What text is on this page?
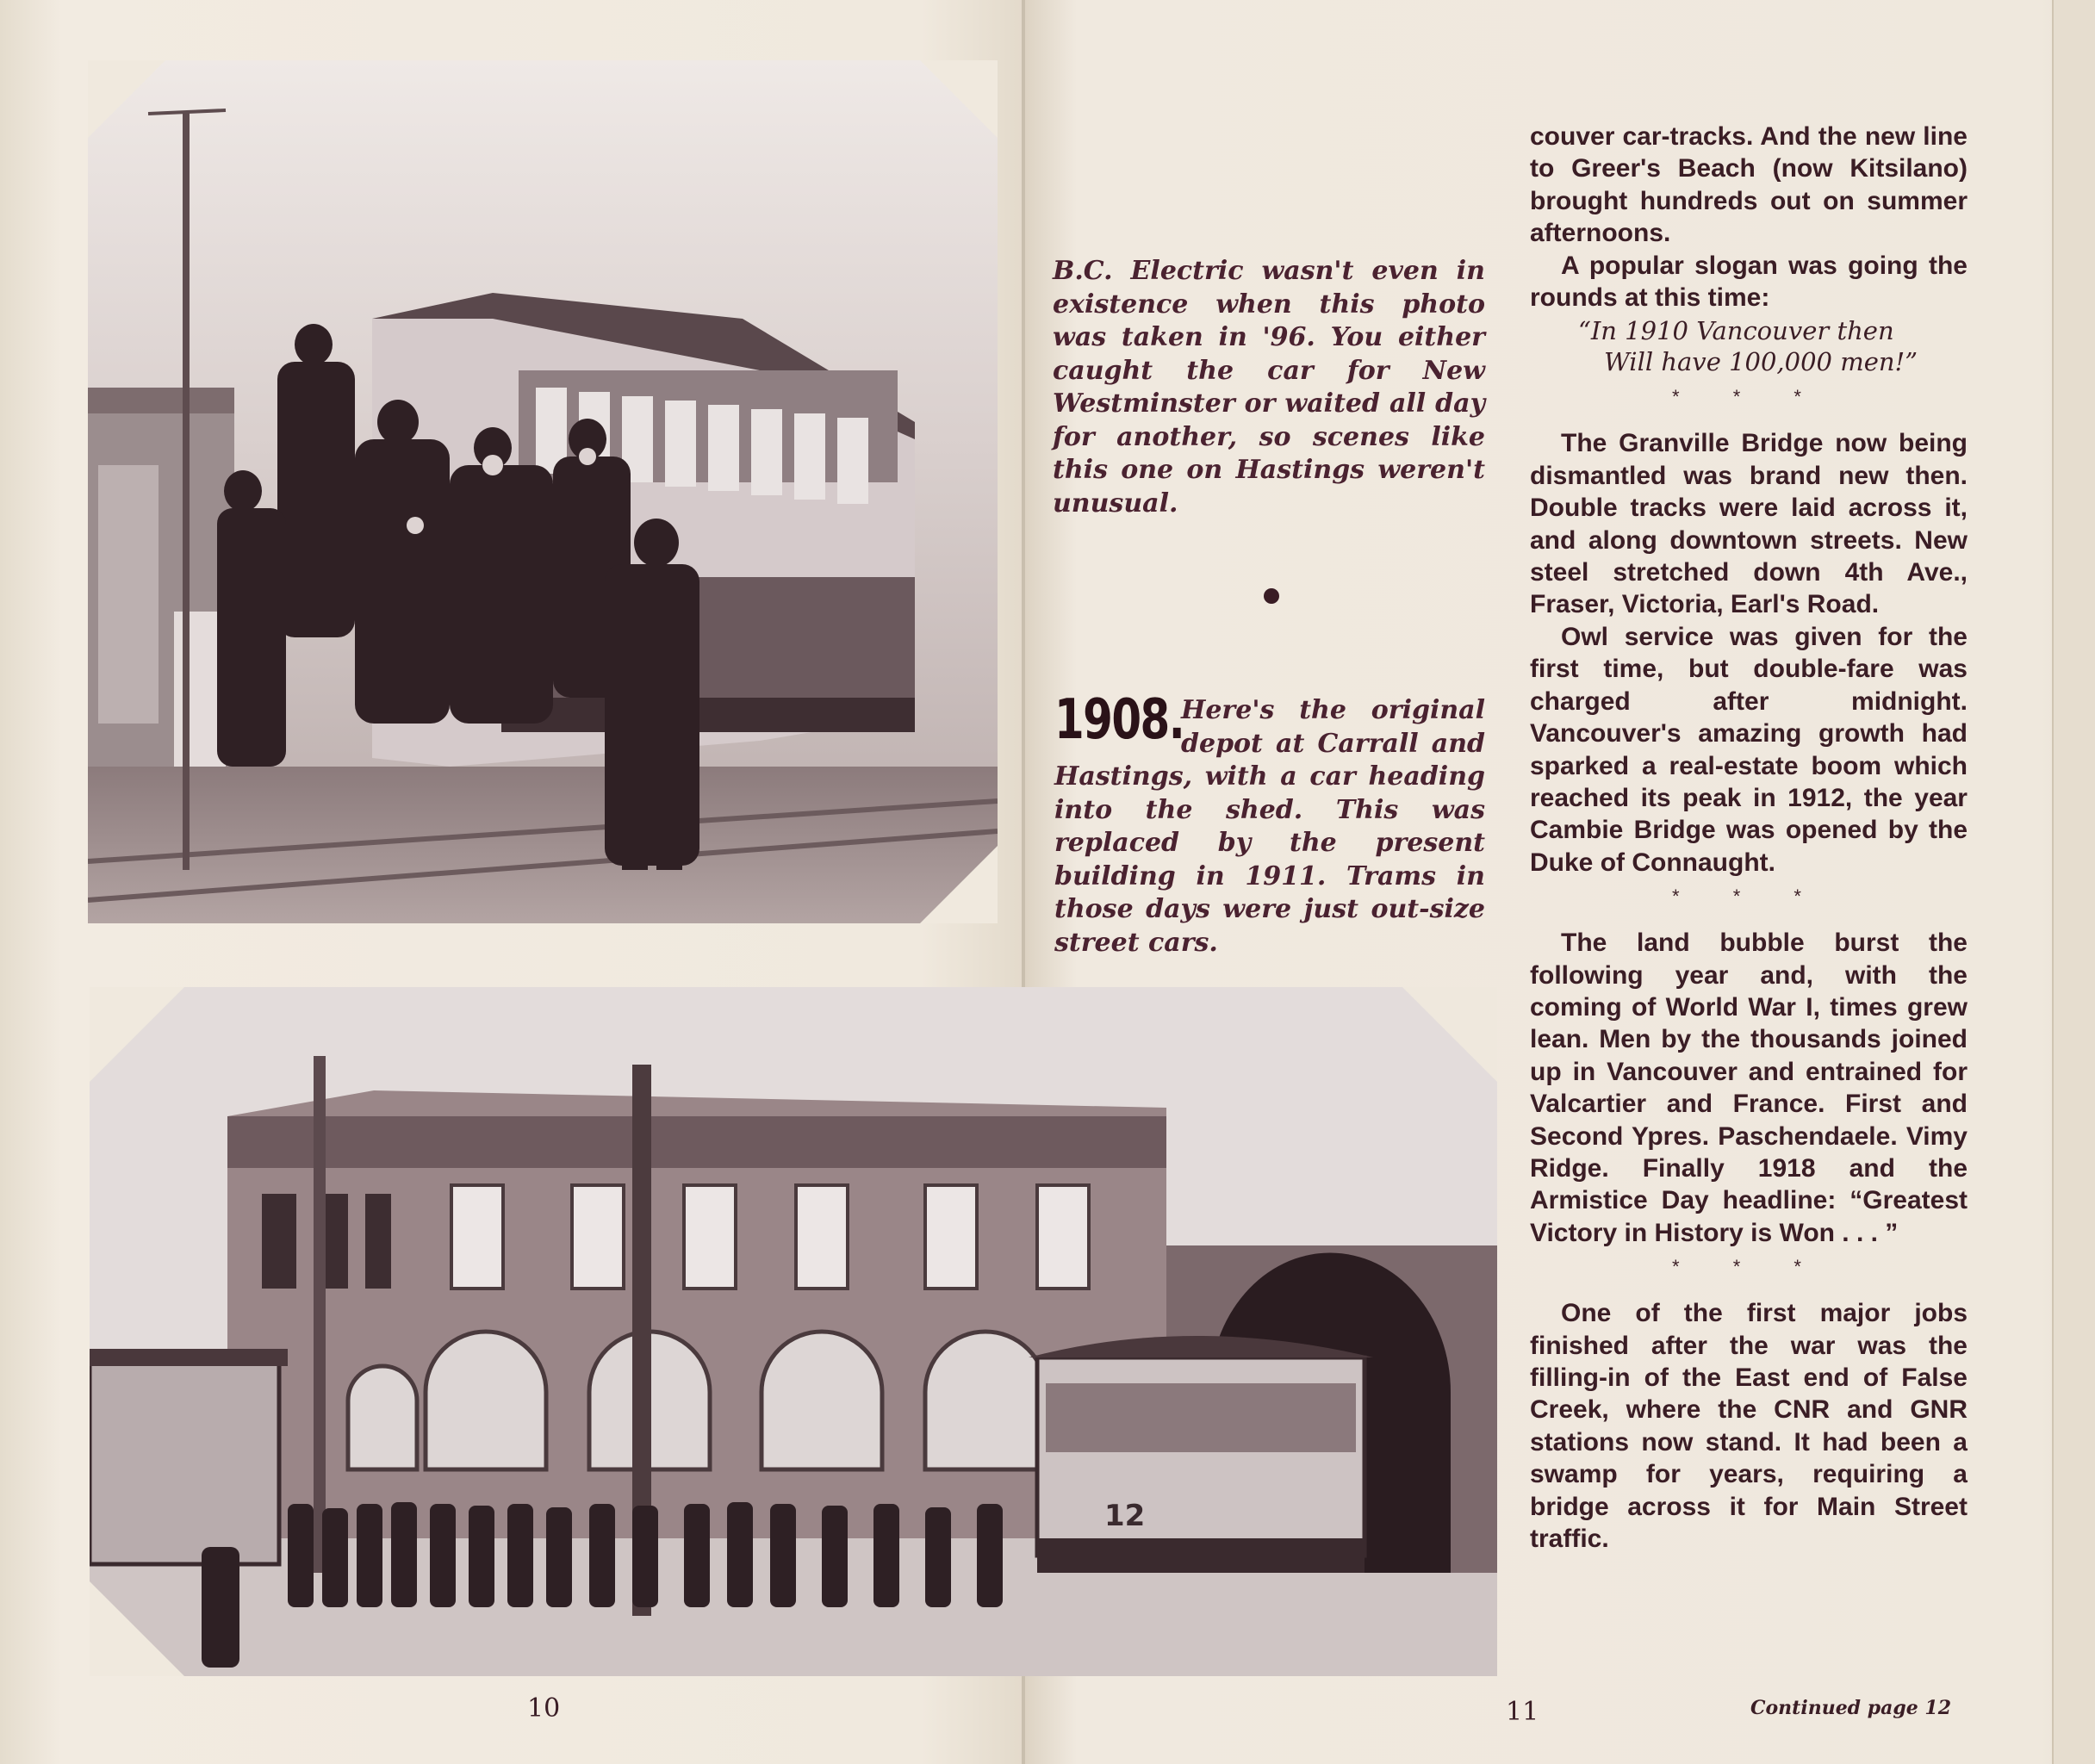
12
B.C. Electric wasn't even in existence when this photo was taken in '96. You either caught the car for New Westminster or waited all day for another, so scenes like this one on Hastings weren't unusual.
1908.
Here's the original depot at Carrall and Hastings, with a car heading into the shed. This was replaced by the present building in 1911. Trams in those days were just out-size street cars.

couver car-tracks. And the new line to Greer's Beach (now Kitsilano) brought hundreds out on summer afternoons.

A popular slogan was going the rounds at this time:

“In 1910 Vancouver then
Will have 100,000 men!”
* * *

The Granville Bridge now being dismantled was brand new then. Double tracks were laid across it, and along downtown streets. New steel stretched down 4th Ave., Fraser, Victoria, Earl's Road.

Owl service was given for the first time, but double-fare was charged after midnight. Vancouver's amazing growth had sparked a real-estate boom which reached its peak in 1912, the year Cambie Bridge was opened by the Duke of Connaught.

* * *

The land bubble burst the following year and, with the coming of World War I, times grew lean. Men by the thousands joined up in Vancouver and entrained for Valcartier and France. First and Second Ypres. Paschendaele. Vimy Ridge. Finally 1918 and the Armistice Day headline: “Greatest Victory in History is Won . . . ”

* * *

One of the first major jobs finished after the war was the filling-in of the East end of False Creek, where the CNR and GNR stations now stand. It had been a swamp for years, requiring a bridge across it for Main Street traffic.

10	11	Continued page 12
